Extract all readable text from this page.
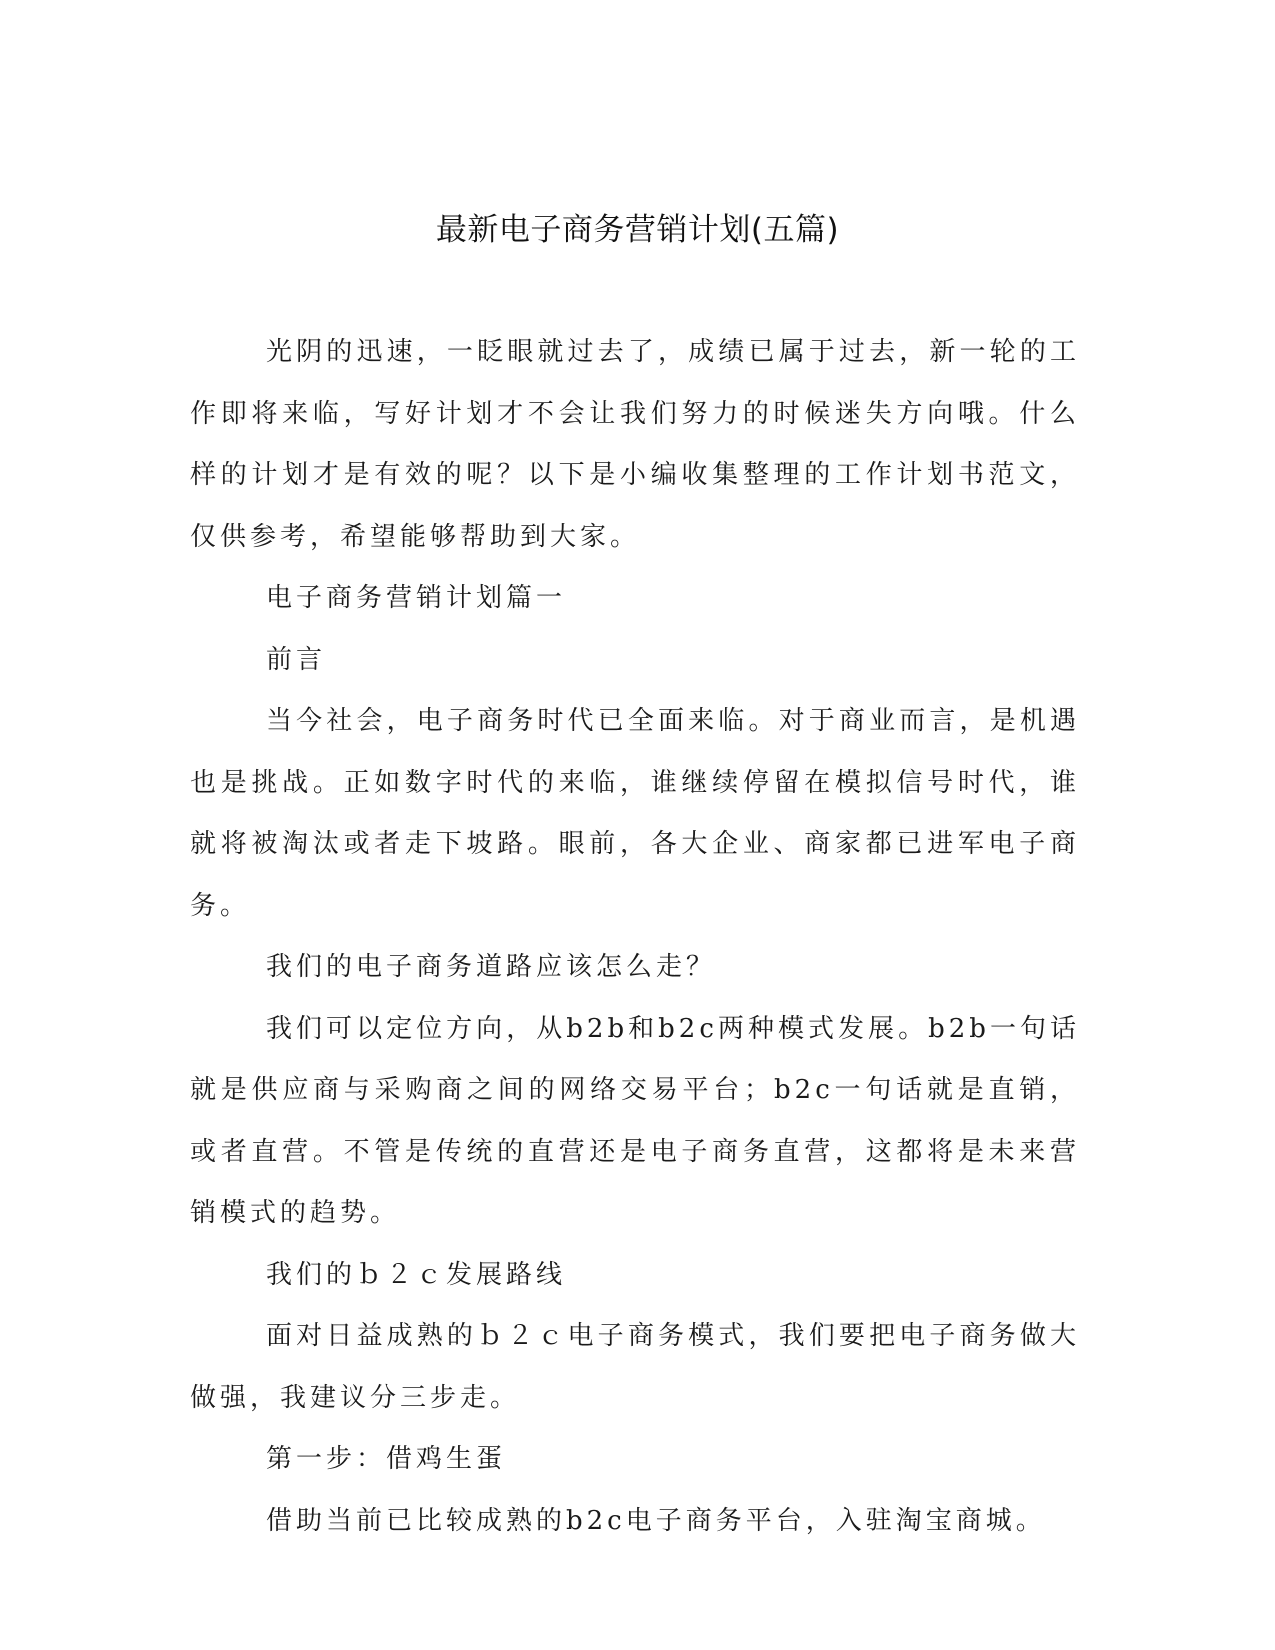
最新电子商务营销计划(五篇)

光阴的迅速，一眨眼就过去了，成绩已属于过去，新一轮的工作即将来临，写好计划才不会让我们努力的时候迷失方向哦。什么样的计划才是有效的呢？以下是小编收集整理的工作计划书范文，仅供参考，希望能够帮助到大家。

电子商务营销计划篇一

前言

当今社会，电子商务时代已全面来临。对于商业而言，是机遇也是挑战。正如数字时代的来临，谁继续停留在模拟信号时代，谁就将被淘汰或者走下坡路。眼前，各大企业、商家都已进军电子商务。

我们的电子商务道路应该怎么走？

我们可以定位方向，从b2b和b2c两种模式发展。b2b一句话就是供应商与采购商之间的网络交易平台；b2c一句话就是直销，或者直营。不管是传统的直营还是电子商务直营，这都将是未来营销模式的趋势。

我们的ｂ２ｃ发展路线

面对日益成熟的ｂ２ｃ电子商务模式，我们要把电子商务做大做强，我建议分三步走。

第一步：借鸡生蛋

借助当前已比较成熟的b2c电子商务平台，入驻淘宝商城。
